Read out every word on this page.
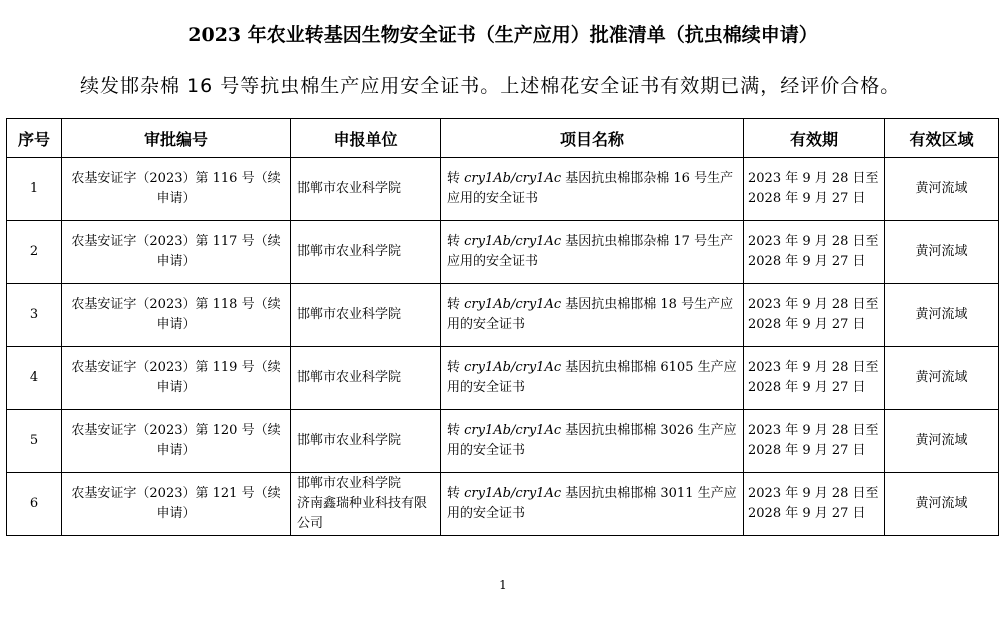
2023 年农业转基因生物安全证书（生产应用）批准清单（抗虫棉续申请）
续发邯杂棉 16 号等抗虫棉生产应用安全证书。上述棉花安全证书有效期已满，经评价合格。
序号	审批编号	申报单位	项目名称	有效期	有效区域
1	农基安证字（2023）第 116 号（续申请）	邯郸市农业科学院	转 cry1Ab/cry1Ac 基因抗虫棉邯杂棉 16 号生产应用的安全证书	2023 年 9 月 28 日至 2028 年 9 月 27 日	黄河流域
2	农基安证字（2023）第 117 号（续申请）	邯郸市农业科学院	转 cry1Ab/cry1Ac 基因抗虫棉邯杂棉 17 号生产应用的安全证书	2023 年 9 月 28 日至 2028 年 9 月 27 日	黄河流域
3	农基安证字（2023）第 118 号（续申请）	邯郸市农业科学院	转 cry1Ab/cry1Ac 基因抗虫棉邯棉 18 号生产应用的安全证书	2023 年 9 月 28 日至 2028 年 9 月 27 日	黄河流域
4	农基安证字（2023）第 119 号（续申请）	邯郸市农业科学院	转 cry1Ab/cry1Ac 基因抗虫棉邯棉 6105 生产应用的安全证书	2023 年 9 月 28 日至 2028 年 9 月 27 日	黄河流域
5	农基安证字（2023）第 120 号（续申请）	邯郸市农业科学院	转 cry1Ab/cry1Ac 基因抗虫棉邯棉 3026 生产应用的安全证书	2023 年 9 月 28 日至 2028 年 9 月 27 日	黄河流域
6	农基安证字（2023）第 121 号（续申请）	邯郸市农业科学院
济南鑫瑞种业科技有限公司	转 cry1Ab/cry1Ac 基因抗虫棉邯棉 3011 生产应用的安全证书	2023 年 9 月 28 日至 2028 年 9 月 27 日	黄河流域
1
